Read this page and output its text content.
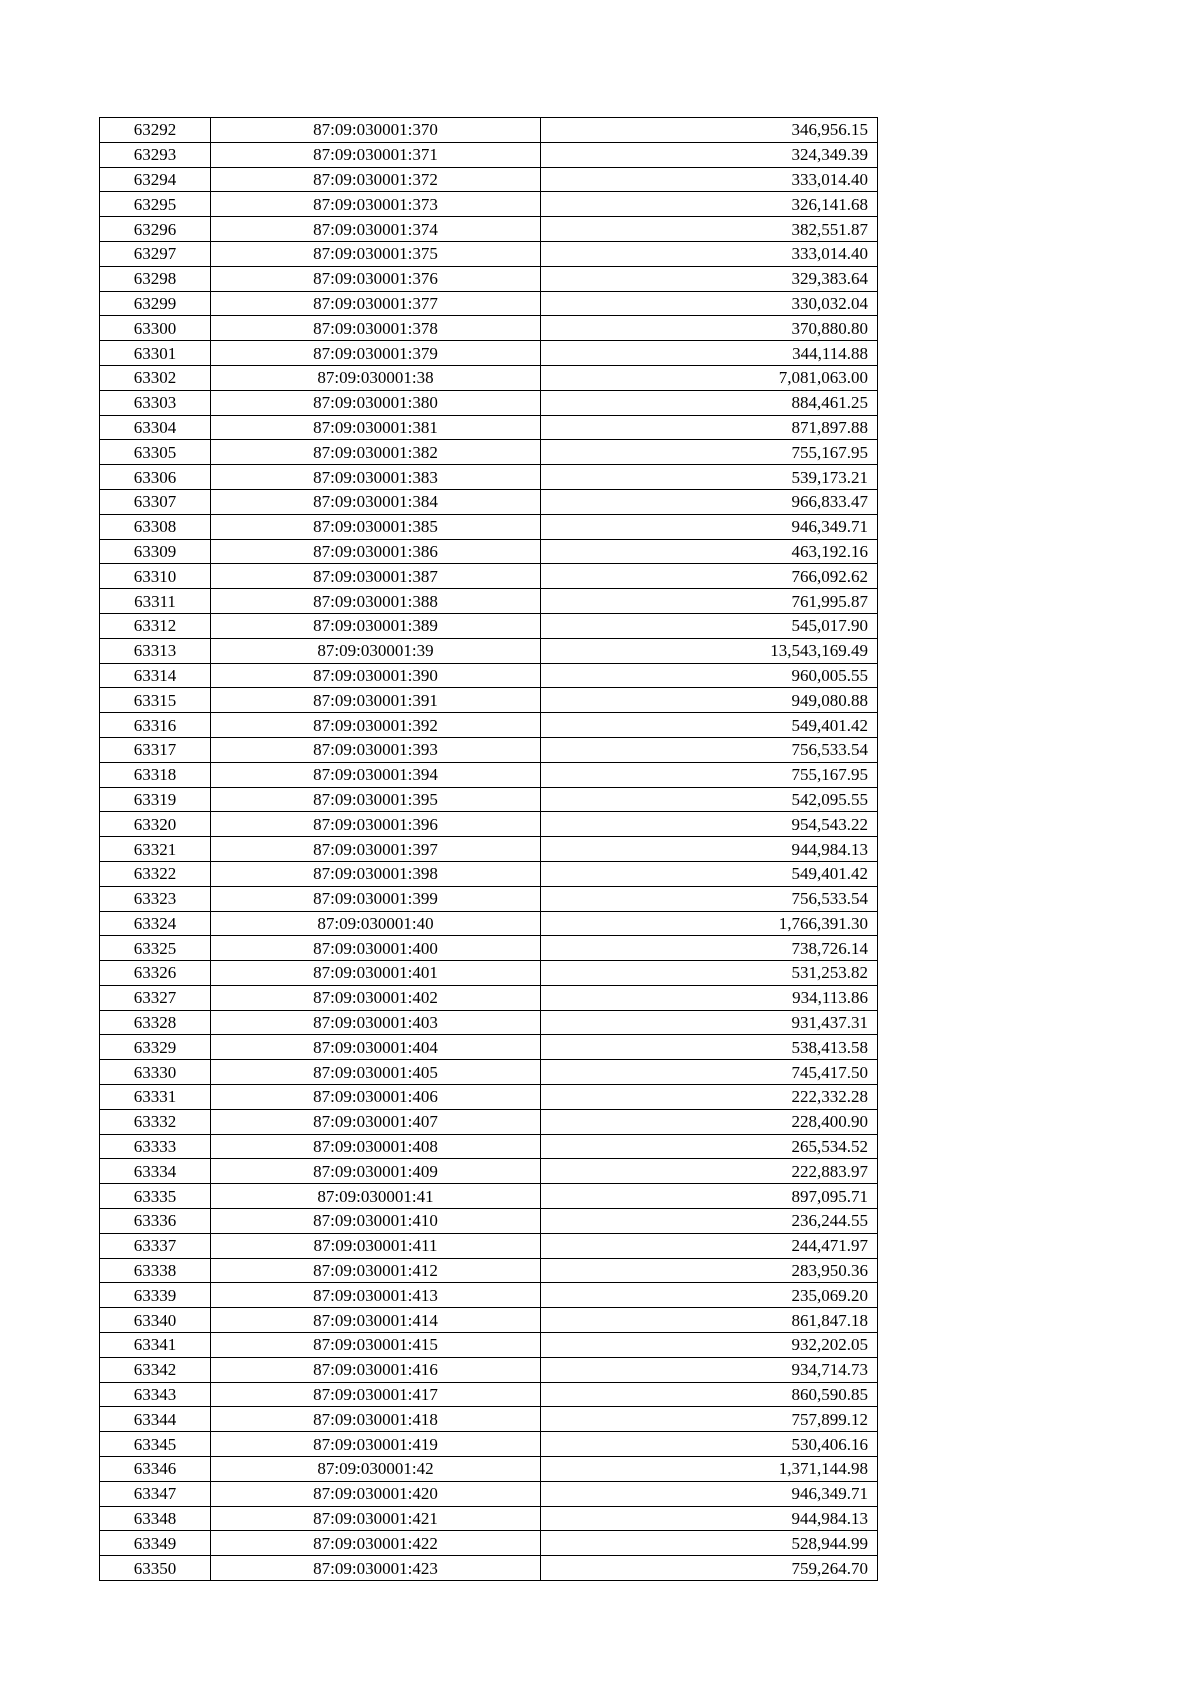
63292	87:09:030001:370	346,956.15
63293	87:09:030001:371	324,349.39
63294	87:09:030001:372	333,014.40
63295	87:09:030001:373	326,141.68
63296	87:09:030001:374	382,551.87
63297	87:09:030001:375	333,014.40
63298	87:09:030001:376	329,383.64
63299	87:09:030001:377	330,032.04
63300	87:09:030001:378	370,880.80
63301	87:09:030001:379	344,114.88
63302	87:09:030001:38	7,081,063.00
63303	87:09:030001:380	884,461.25
63304	87:09:030001:381	871,897.88
63305	87:09:030001:382	755,167.95
63306	87:09:030001:383	539,173.21
63307	87:09:030001:384	966,833.47
63308	87:09:030001:385	946,349.71
63309	87:09:030001:386	463,192.16
63310	87:09:030001:387	766,092.62
63311	87:09:030001:388	761,995.87
63312	87:09:030001:389	545,017.90
63313	87:09:030001:39	13,543,169.49
63314	87:09:030001:390	960,005.55
63315	87:09:030001:391	949,080.88
63316	87:09:030001:392	549,401.42
63317	87:09:030001:393	756,533.54
63318	87:09:030001:394	755,167.95
63319	87:09:030001:395	542,095.55
63320	87:09:030001:396	954,543.22
63321	87:09:030001:397	944,984.13
63322	87:09:030001:398	549,401.42
63323	87:09:030001:399	756,533.54
63324	87:09:030001:40	1,766,391.30
63325	87:09:030001:400	738,726.14
63326	87:09:030001:401	531,253.82
63327	87:09:030001:402	934,113.86
63328	87:09:030001:403	931,437.31
63329	87:09:030001:404	538,413.58
63330	87:09:030001:405	745,417.50
63331	87:09:030001:406	222,332.28
63332	87:09:030001:407	228,400.90
63333	87:09:030001:408	265,534.52
63334	87:09:030001:409	222,883.97
63335	87:09:030001:41	897,095.71
63336	87:09:030001:410	236,244.55
63337	87:09:030001:411	244,471.97
63338	87:09:030001:412	283,950.36
63339	87:09:030001:413	235,069.20
63340	87:09:030001:414	861,847.18
63341	87:09:030001:415	932,202.05
63342	87:09:030001:416	934,714.73
63343	87:09:030001:417	860,590.85
63344	87:09:030001:418	757,899.12
63345	87:09:030001:419	530,406.16
63346	87:09:030001:42	1,371,144.98
63347	87:09:030001:420	946,349.71
63348	87:09:030001:421	944,984.13
63349	87:09:030001:422	528,944.99
63350	87:09:030001:423	759,264.70
